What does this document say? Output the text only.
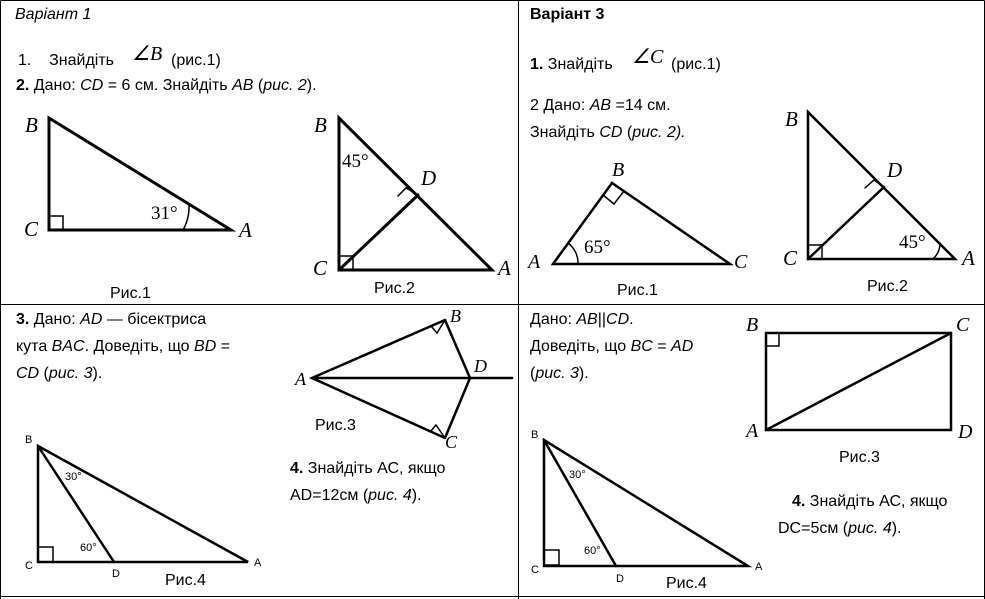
Варіант 1
1. Знайдіть ∠B (рис.1)
2. Дано: CD = 6 см. Знайдіть AB (рис. 2).
B
C	A
31°
Рис.1
B
45°
D
C	A
Рис.2
3. Дано: AD — бісектриса
кута BAC. Доведіть, що BD =
CD (рис. 3).	A
B
D
C
Рис.3
4. Знайдіть АС, якщо
AD=12см (рис. 4).
B
C
D
A
30°
60°
Рис.4
Варіант 3
1. Знайдіть ∠C (рис.1)
2 Дано: AB =14 см.
Знайдіть CD (рис. 2).
B
A	C
65°
Рис.1
B
D
C	A
45°
Рис.2
Дано: AB||CD.
Доведіть, що BC = AD
(рис. 3).
B	C
A	D
Рис.3
4. Знайдіть АС, якщо
DC=5см (рис. 4).
B
C
D
A
30°
60°
Рис.4
